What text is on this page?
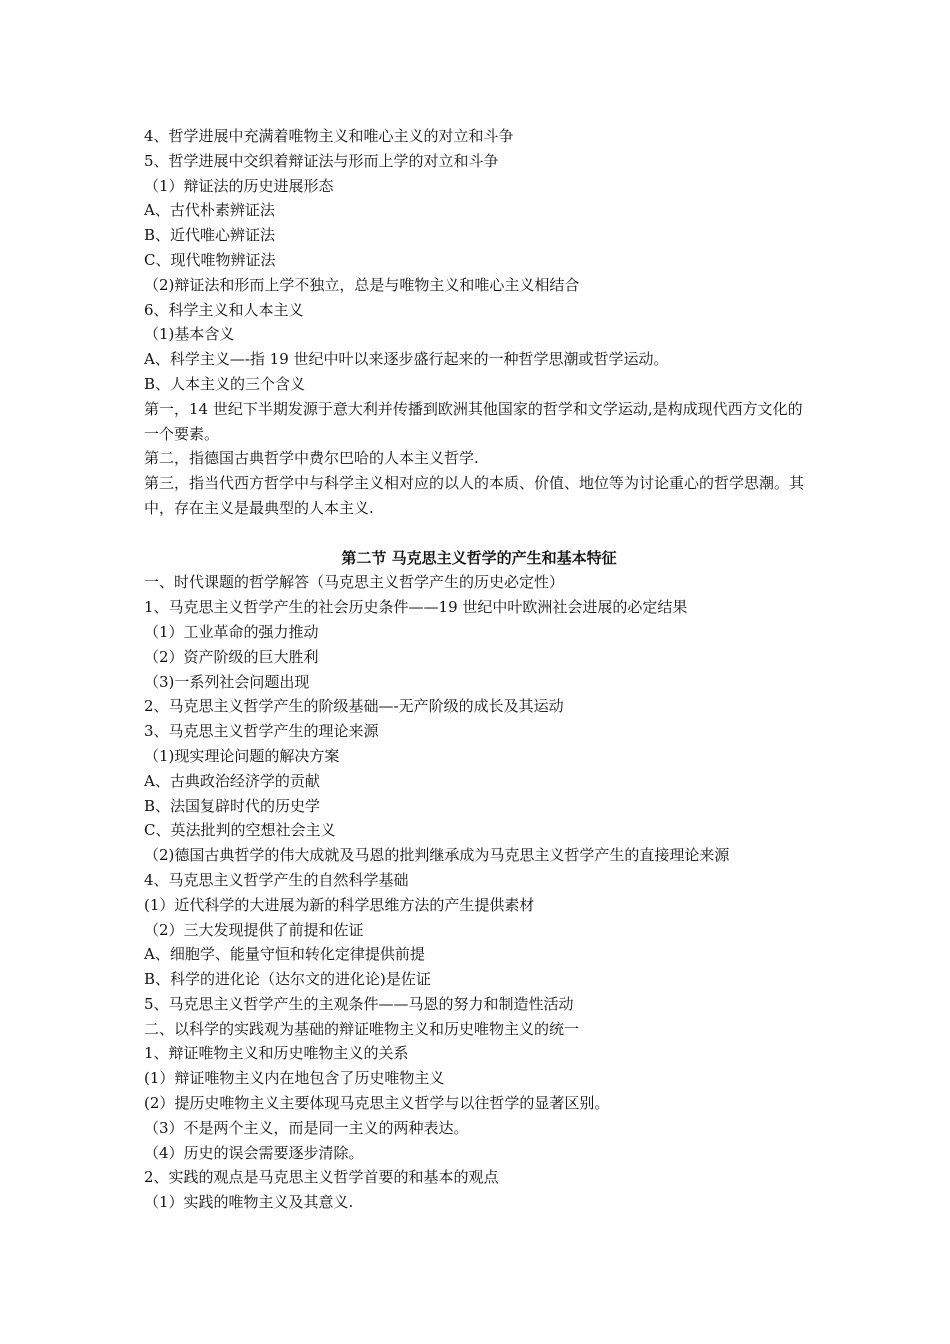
4、哲学进展中充满着唯物主义和唯心主义的对立和斗争
5、哲学进展中交织着辩证法与形而上学的对立和斗争
（1）辩证法的历史进展形态
A、古代朴素辨证法
B、近代唯心辨证法
C、现代唯物辨证法
（2)辩证法和形而上学不独立，总是与唯物主义和唯心主义相结合
6、科学主义和人本主义
（1)基本含义
A、科学主义—-指 19 世纪中叶以来逐步盛行起来的一种哲学思潮或哲学运动。
B、人本主义的三个含义
第一，14 世纪下半期发源于意大利并传播到欧洲其他国家的哲学和文学运动,是构成现代西方文化的一个要素。
第二，指德国古典哲学中费尔巴哈的人本主义哲学.
第三，指当代西方哲学中与科学主义相对应的以人的本质、价值、地位等为讨论重心的哲学思潮。其中，存在主义是最典型的人本主义.
第二节 马克思主义哲学的产生和基本特征
一、时代课题的哲学解答（马克思主义哲学产生的历史必定性）
1、马克思主义哲学产生的社会历史条件——19 世纪中叶欧洲社会进展的必定结果
（1）工业革命的强力推动
（2）资产阶级的巨大胜利
（3)一系列社会问题出现
2、马克思主义哲学产生的阶级基础—-无产阶级的成长及其运动
3、马克思主义哲学产生的理论来源
（1)现实理论问题的解决方案
A、古典政治经济学的贡献
B、法国复辟时代的历史学
C、英法批判的空想社会主义
（2)德国古典哲学的伟大成就及马恩的批判继承成为马克思主义哲学产生的直接理论来源
4、马克思主义哲学产生的自然科学基础
(1）近代科学的大进展为新的科学思维方法的产生提供素材
（2）三大发现提供了前提和佐证
A、细胞学、能量守恒和转化定律提供前提
B、科学的进化论（达尔文的进化论)是佐证
5、马克思主义哲学产生的主观条件——马恩的努力和制造性活动
二、以科学的实践观为基础的辩证唯物主义和历史唯物主义的统一
1、辩证唯物主义和历史唯物主义的关系
(1）辩证唯物主义内在地包含了历史唯物主义
(2）提历史唯物主义主要体现马克思主义哲学与以往哲学的显著区别。
（3）不是两个主义，而是同一主义的两种表达。
（4）历史的误会需要逐步清除。
2、实践的观点是马克思主义哲学首要的和基本的观点
（1）实践的唯物主义及其意义.
